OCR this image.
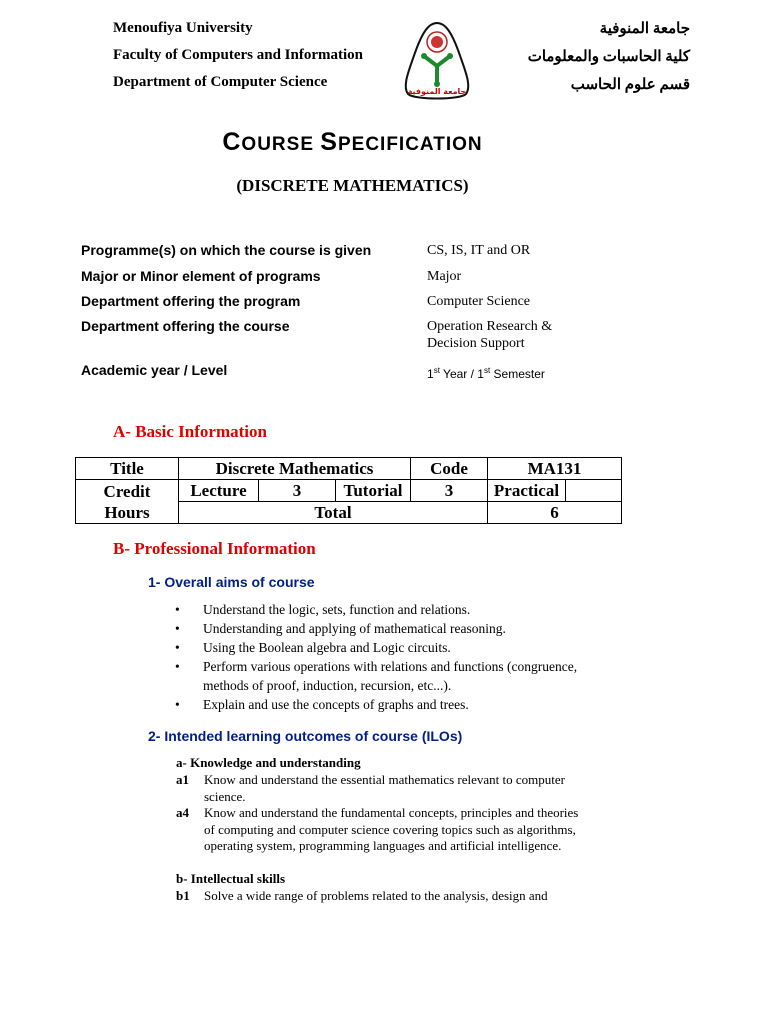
Menoufiya University
Faculty of Computers and Information
Department of Computer Science
جامعة المنوفية
كلية الحاسبات والمعلومات
قسم علوم الحاسب
جامعة المنوفية
COURSE SPECIFICATION
(DISCRETE MATHEMATICS)
Programme(s) on which the course is given	CS, IS, IT and OR
Major or Minor element of programs	Major
Department offering the program	Computer Science
Department offering the course	Operation Research &
Decision Support
Academic year / Level	1st Year / 1st Semester
A- Basic Information
Title	Discrete Mathematics			Code	MA131	
Credit
Hours	Lecture	3	Tutorial	3	Practical	
	Total				6	
B- Professional Information
1- Overall aims of course
• Understand the logic, sets, function and relations.
• Understanding and applying of mathematical reasoning.
• Using the Boolean algebra and Logic circuits.
• Perform various operations with relations and functions (congruence, methods of proof, induction, recursion, etc...).
• Explain and use the concepts of graphs and trees.
2- Intended learning outcomes of course (ILOs)
a- Knowledge and understanding
a1 Know and understand the essential mathematics relevant to computer science.
a4 Know and understand the fundamental concepts, principles and theories of computing and computer science covering topics such as algorithms, operating system, programming languages and artificial intelligence.
b- Intellectual skills
b1 Solve a wide range of problems related to the analysis, design and
